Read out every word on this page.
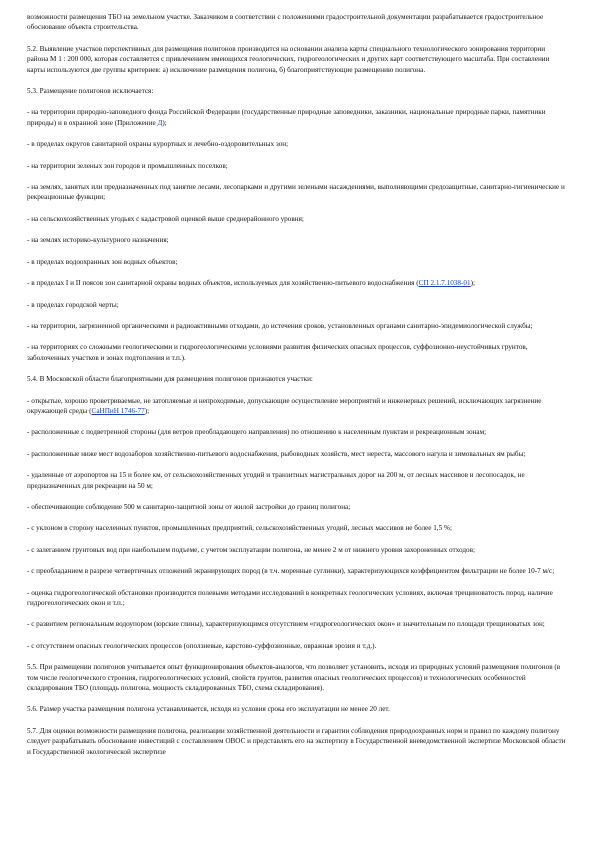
возможности размещения ТБО на земельном участке. Заказчиком в соответствии с положениями градостроительной документации разрабатывается градостроительное обоснование объекта строительства.

5.2. Выявление участков перспективных для размещения полигонов производится на основании анализа карты специального технологического зонирования территории района М 1 : 200 000, которая составляется с привлечением имеющихся геологических, гидрогеологических и других карт соответствующего масштаба. При составлении карты используются две группы критериев: а) исключение размещения полигона, б) благоприятствующие размещению полигона.

5.3. Размещение полигонов исключается:

- на территории природно-заповедного фонда Российской Федерации (государственные природные заповедники, заказники, национальные природные парки, памятники природы) и в охранной зоне (Приложение Д);

- в пределах округов санитарной охраны курортных и лечебно-оздоровительных зон;

- на территории зеленых зон городов и промышленных поселков;

- на землях, занятых или предназначенных под занятие лесами, лесопарками и другими зелеными насаждениями, выполняющими средозащитные, санитарно-гигиенические и рекреационные функции;

- на сельскохозяйственных угодьях с кадастровой оценкой выше среднерайонного уровня;

- на землях историко-культурного назначения;

- в пределах водоохранных зон водных объектов;

- в пределах I и II поясов зон санитарной охраны водных объектов, используемых для хозяйственно-питьевого водоснабжения (СП 2.1.7.1038-01);

- в пределах городской черты;

- на территории, загрязненной органическими и радиоактивными отходами, до истечения сроков, установленных органами санитарно-эпидемиологической службы;

- на территориях со сложными геологическими и гидрогеологическими условиями развития физических опасных процессов, суффозионно-неустойчивых грунтов, заболоченных участков и зонах подтопления и т.п.).

5.4. В Московской области благоприятными для размещения полигонов признаются участки:

- открытые, хорошо проветриваемые, не затопляемые и непроходимые, допускающие осуществление мероприятий и инженерных решений, исключающих загрязнение окружающей среды (СаНПиН 1746-77);

- расположенные с подветренной стороны (для ветров преобладающего направления) по отношению к населенным пунктам и рекреационным зонам;

- расположенные ниже мест водозаборов хозяйственно-питьевого водоснабжения, рыбоводных хозяйств, мест нереста, массового нагула и зимовальных ям рыбы;

- удаленные от аэропортов на 15 и более км, от сельскохозяйственных угодий и транзитных магистральных дорог на 200 м, от лесных массивов и лесопосадок, не предназначенных для рекреации на 50 м;

- обеспечивающие соблюдение 500 м санитарно-защитной зоны от жилой застройки до границ полигона;

- с уклоном в сторону населенных пунктов, промышленных предприятий, сельскохозяйственных угодий, лесных массивов не более 1,5 %;

- с залеганием грунтовых вод при наибольшем подъеме, с учетом эксплуатации полигона, не менее 2 м от нижнего уровня захороненных отходов;

- с преобладанием в разрезе четвертичных отложений экранирующих пород (в т.ч. моренные суглинки), характеризующихся коэффициентом фильтрации не более 10-7 м/с;

- оценка гидрогеологической обстановки производится полевыми методами исследований в конкретных геологических условиях, включая трещиноватость пород, наличие гидрогеологических окон и т.п.;

- с развитием региональным водоупором (юрские глины), характеризующимся отсутствием «гидрогеологических окон» и значительным по площади трещиноватых зон;

- с отсутствием опасных геологических процессов (оползневые, карстово-суффозионные, овражная эрозия и т.д.).

5.5. При размещении полигонов учитывается опыт функционирования объектов-аналогов, что позволяет установить, исходя из природных условий размещения полигонов (в том числе геологического строения, гидрогеологических условий, свойств грунтов, развития опасных геологических процессов) и технологических особенностей складирования ТБО (площадь полигона, мощность складированных ТБО, схема складирования).

5.6. Размер участка размещения полигона устанавливается, исходя из условия срока его эксплуатации не менее 20 лет.

5.7. Для оценки возможности размещения полигона, реализации хозяйственной деятельности и гарантии соблюдения природоохранных норм и правил по каждому полигону следует разрабатывать обоснование инвестиций с составлением ОВОС и представлять его на экспертизу в Государственной вневедомственной экспертизе Московской области и Государственной экологической экспертизе
